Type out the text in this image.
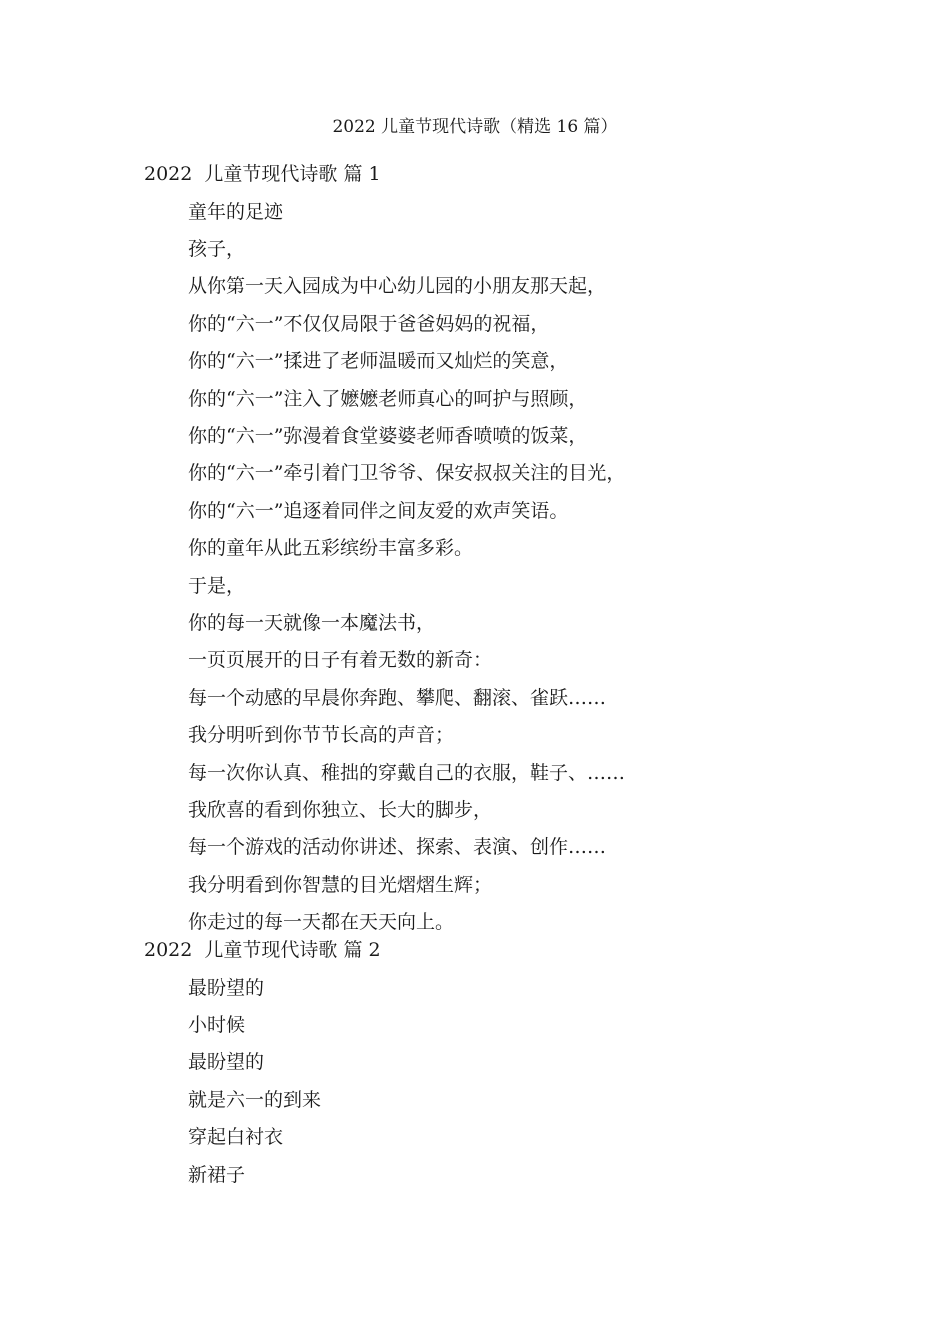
2022 儿童节现代诗歌（精选 16 篇）
2022  儿童节现代诗歌 篇 1
童年的足迹
孩子，
从你第一天入园成为中心幼儿园的小朋友那天起，
你的“六一”不仅仅局限于爸爸妈妈的祝福，
你的“六一”揉进了老师温暖而又灿烂的笑意，
你的“六一”注入了嬷嬷老师真心的呵护与照顾，
你的“六一”弥漫着食堂婆婆老师香喷喷的饭菜，
你的“六一”牵引着门卫爷爷、保安叔叔关注的目光，
你的“六一”追逐着同伴之间友爱的欢声笑语。
你的童年从此五彩缤纷丰富多彩。
于是，
你的每一天就像一本魔法书，
一页页展开的日子有着无数的新奇：
每一个动感的早晨你奔跑、攀爬、翻滚、雀跃……
我分明听到你节节长高的声音；
每一次你认真、稚拙的穿戴自己的衣服，鞋子、……
我欣喜的看到你独立、长大的脚步，
每一个游戏的活动你讲述、探索、表演、创作……
我分明看到你智慧的目光熠熠生辉；
你走过的每一天都在天天向上。
2022  儿童节现代诗歌 篇 2
最盼望的
小时候
最盼望的
就是六一的到来
穿起白衬衣
新裙子
